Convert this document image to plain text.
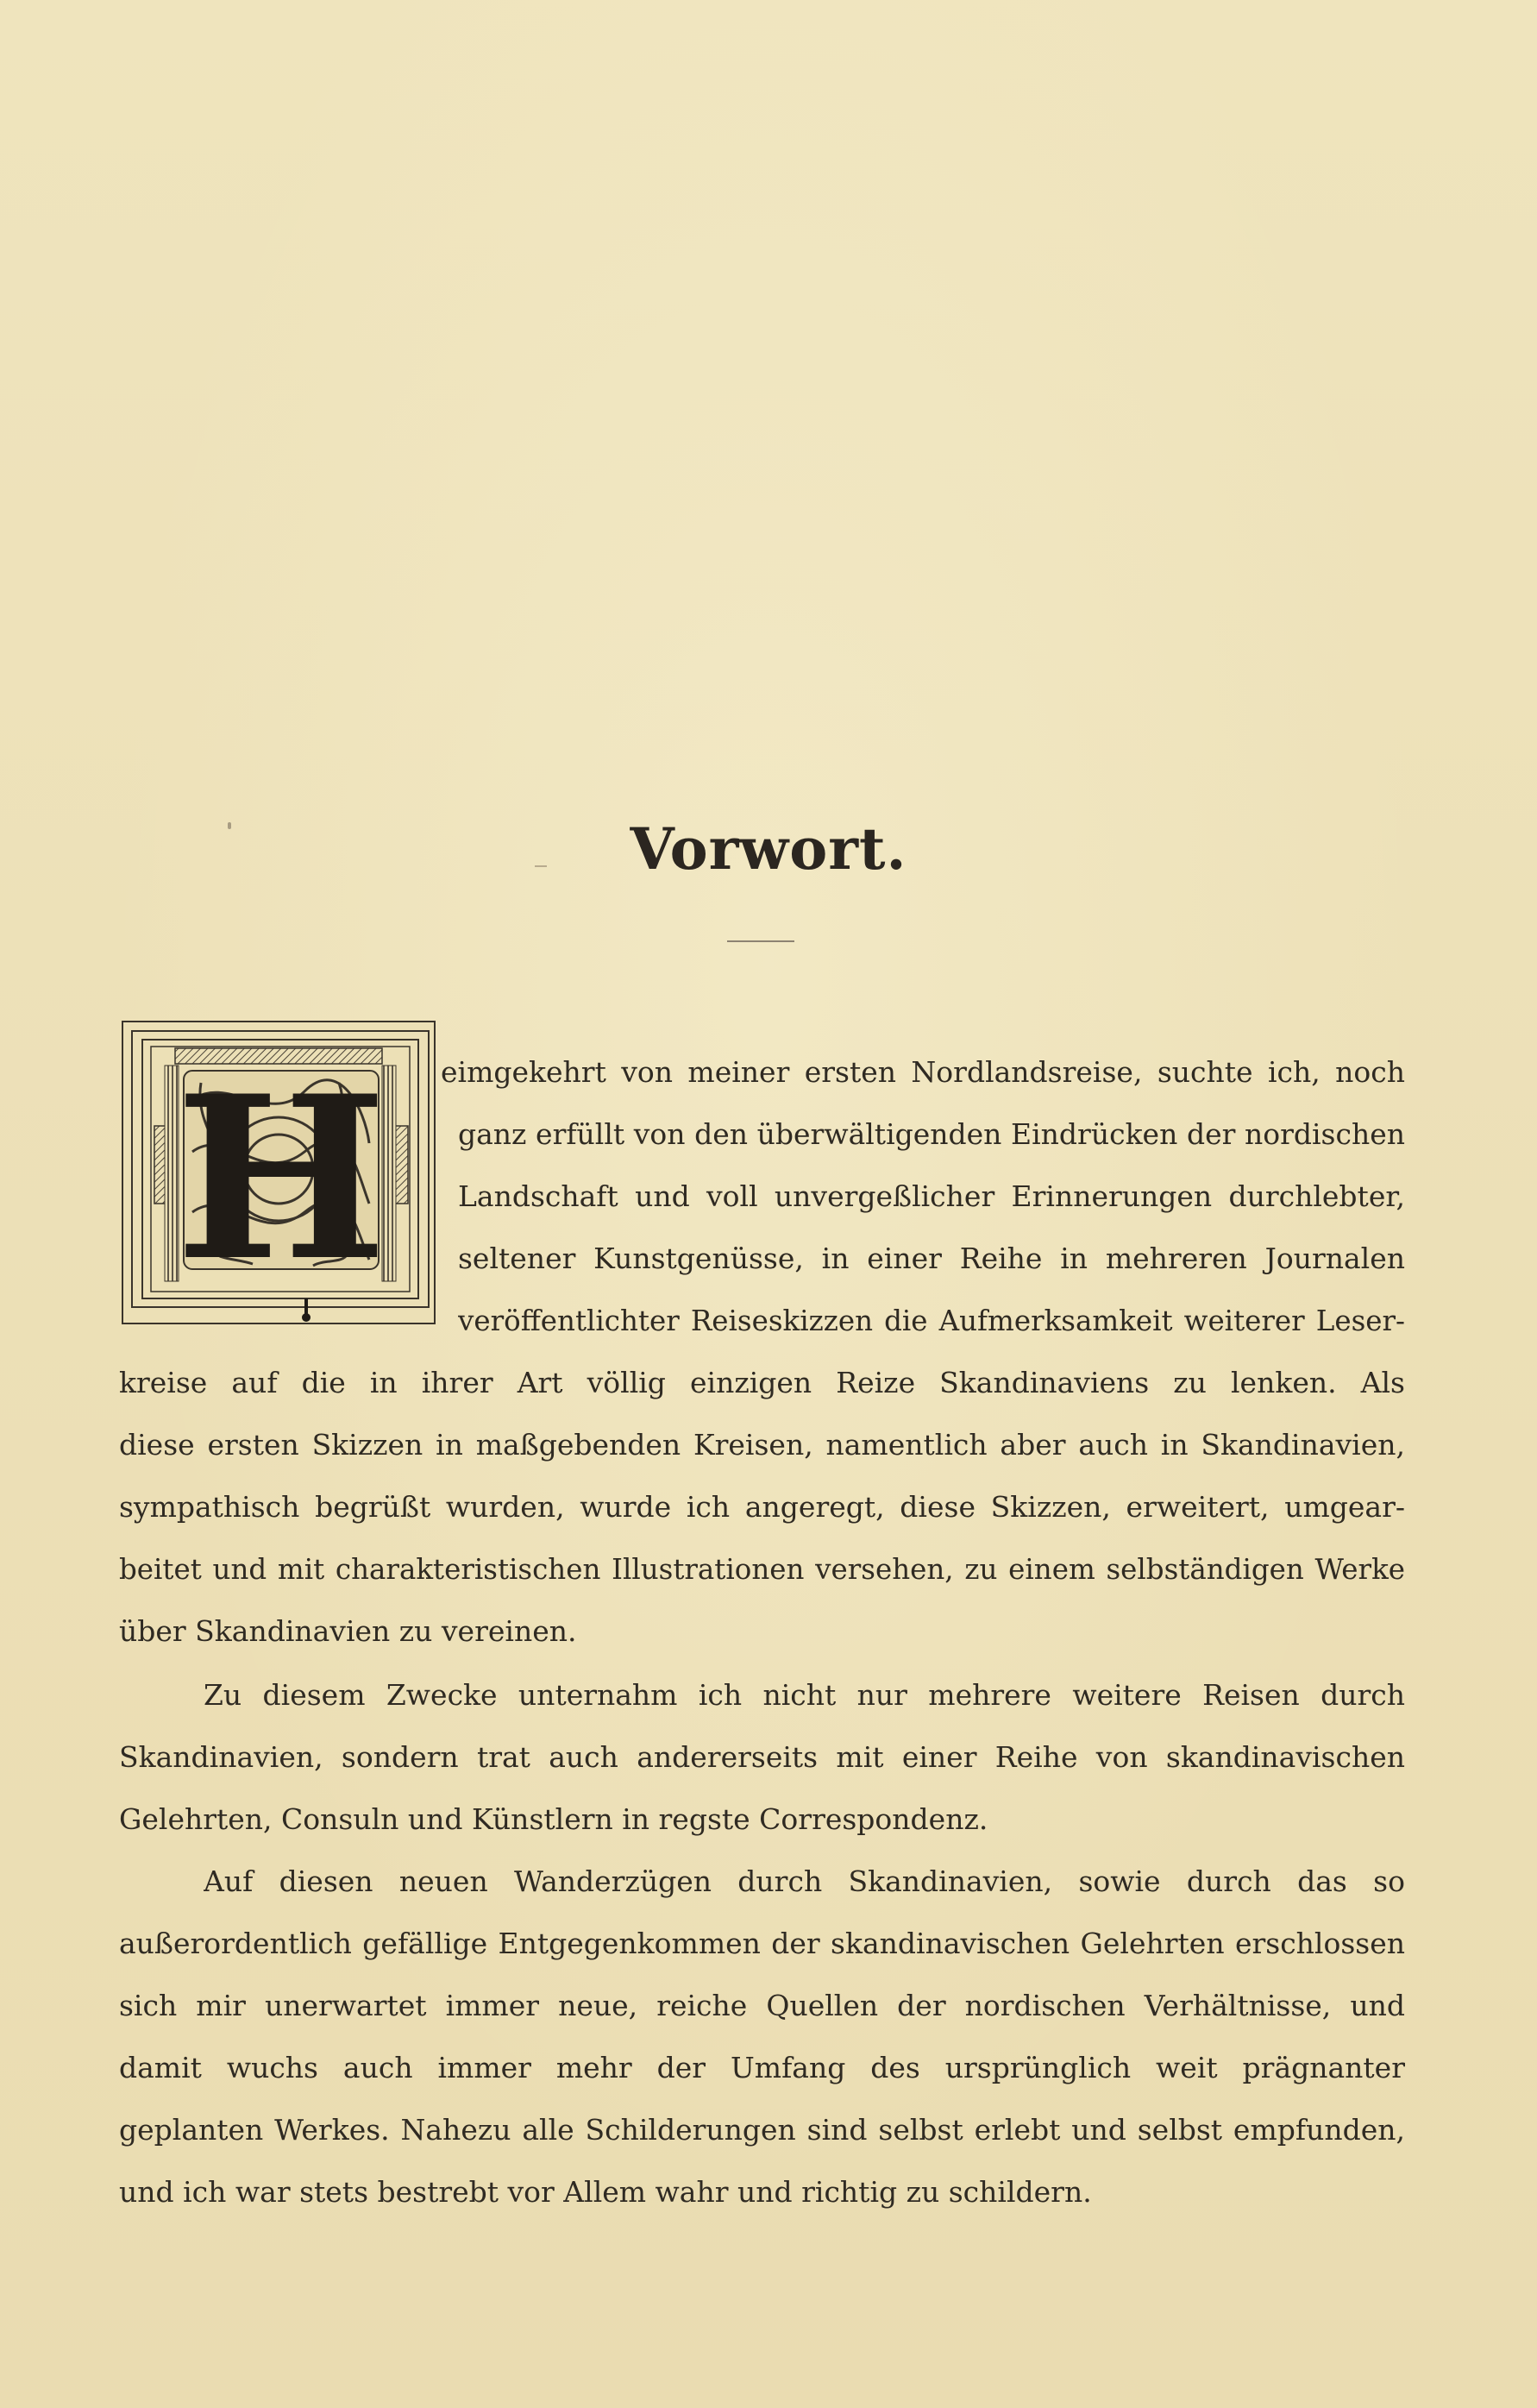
Vorwort.
H eimgekehrt von meiner ersten Nordlandsreise, suchte ich, noch
ganz erfüllt von den überwältigenden Eindrücken der nordischen
Landschaft und voll unvergeßlicher Erinnerungen durchlebter,
seltener Kunstgenüsse, in einer Reihe in mehreren Journalen
veröffentlichter Reiseskizzen die Aufmerksamkeit weiterer Leser-
kreise auf die in ihrer Art völlig einzigen Reize Skandinaviens zu lenken. Als
diese ersten Skizzen in maßgebenden Kreisen, namentlich aber auch in Skandinavien,
sympathisch begrüßt wurden, wurde ich angeregt, diese Skizzen, erweitert, umgear-
beitet und mit charakteristischen Illustrationen versehen, zu einem selbständigen Werke
über Skandinavien zu vereinen.
Zu diesem Zwecke unternahm ich nicht nur mehrere weitere Reisen durch
Skandinavien, sondern trat auch andererseits mit einer Reihe von skandinavischen
Gelehrten, Consuln und Künstlern in regste Correspondenz.
Auf diesen neuen Wanderzügen durch Skandinavien, sowie durch das so
außerordentlich gefällige Entgegenkommen der skandinavischen Gelehrten erschlossen
sich mir unerwartet immer neue, reiche Quellen der nordischen Verhältnisse, und
damit wuchs auch immer mehr der Umfang des ursprünglich weit prägnanter
geplanten Werkes. Nahezu alle Schilderungen sind selbst erlebt und selbst empfunden,
und ich war stets bestrebt vor Allem wahr und richtig zu schildern.
